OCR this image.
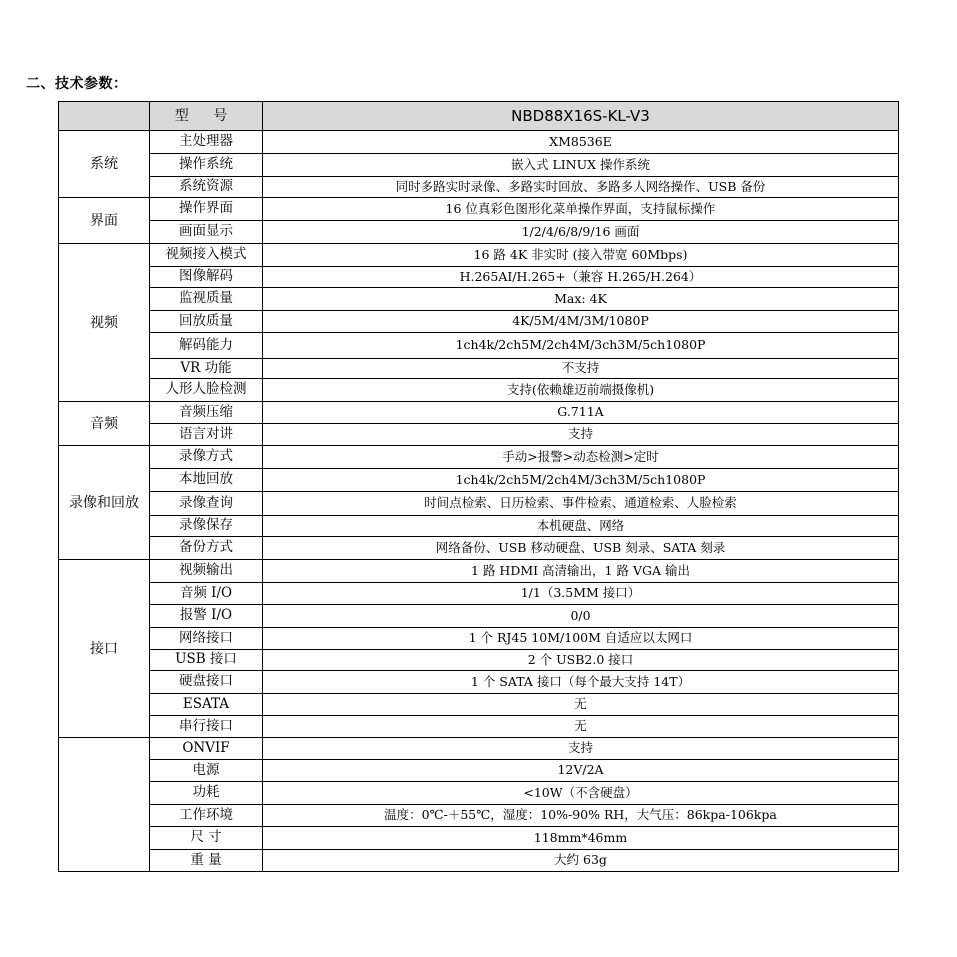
二、技术参数：
	型 号	NBD88X16S-KL-V3
系统	主处理器	XM8536E
	操作系统	嵌入式 LINUX 操作系统
	系统资源	同时多路实时录像、多路实时回放、多路多人网络操作、USB 备份
界面	操作界面	16 位真彩色图形化菜单操作界面，支持鼠标操作
	画面显示	1/2/4/6/8/9/16 画面
视频	视频接入模式	16 路 4K 非实时 (接入带宽 60Mbps)
	图像解码	H.265AI/H.265+（兼容 H.265/H.264）
	监视质量	Max: 4K
	回放质量	4K/5M/4M/3M/1080P
	解码能力	1ch4k/2ch5M/2ch4M/3ch3M/5ch1080P
	VR 功能	不支持
	人形人脸检测	支持(依赖雄迈前端摄像机)
音频	音频压缩	G.711A
	语言对讲	支持
录像和回放	录像方式	手动>报警>动态检测>定时
	本地回放	1ch4k/2ch5M/2ch4M/3ch3M/5ch1080P
	录像查询	时间点检索、日历检索、事件检索、通道检索、人脸检索
	录像保存	本机硬盘、网络
	备份方式	网络备份、USB 移动硬盘、USB 刻录、SATA 刻录
接口	视频输出	1 路 HDMI 高清输出，1 路 VGA 输出
	音频 I/O	1/1（3.5MM 接口）
	报警 I/O	0/0
	网络接口	1 个 RJ45 10M/100M 自适应以太网口
	USB 接口	2 个 USB2.0 接口
	硬盘接口	1 个 SATA 接口（每个最大支持 14T）
	ESATA	无
	串行接口	无
	ONVIF	支持
	电源	12V/2A
	功耗	<10W（不含硬盘）
	工作环境	温度：0℃-＋55℃，湿度：10%-90% RH，大气压：86kpa-106kpa
	尺 寸	118mm*46mm
	重 量	大约 63g
